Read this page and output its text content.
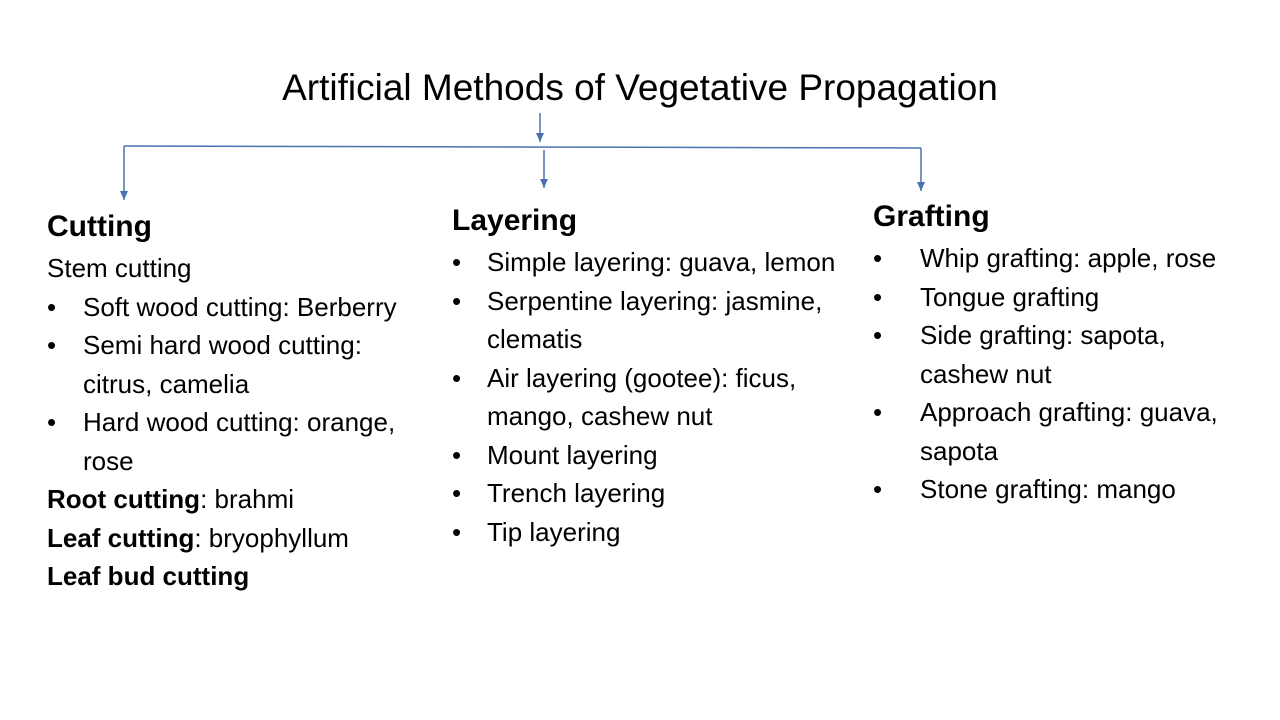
Artificial Methods of Vegetative Propagation
Cutting
Stem cutting
• Soft wood cutting: Berberry
• Semi hard wood cutting: citrus, camelia
• Hard wood cutting: orange, rose
Root cutting: brahmi
Leaf cutting: bryophyllum
Leaf bud cutting
Layering
• Simple layering: guava, lemon
• Serpentine layering: jasmine, clematis
• Air layering (gootee): ficus, mango, cashew nut
• Mount layering
• Trench layering
• Tip layering
Grafting
• Whip grafting: apple, rose
• Tongue grafting
• Side grafting: sapota, cashew nut
• Approach grafting: guava, sapota
• Stone grafting: mango
